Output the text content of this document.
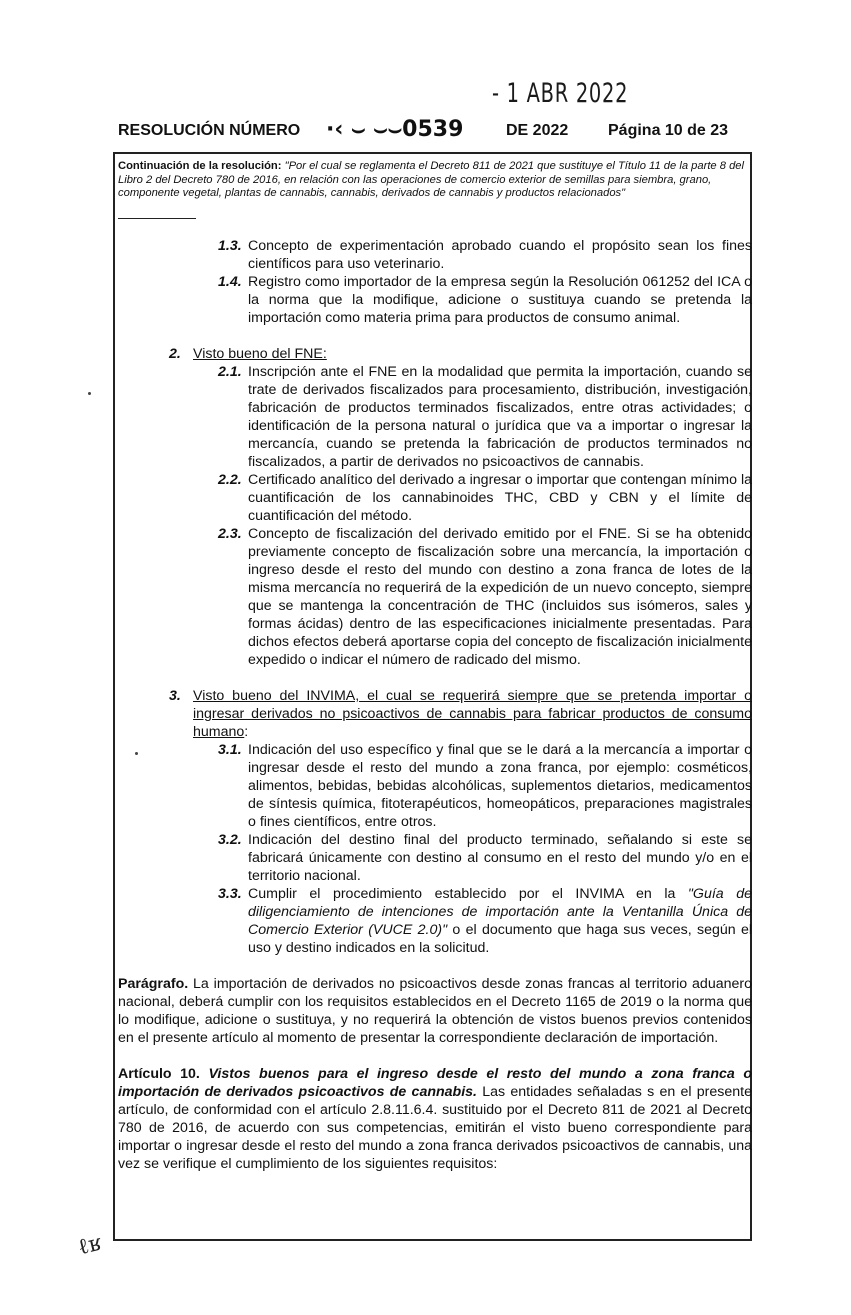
- 1 ABR 2022
RESOLUCIÓN NÚMERO ·‹ ⌣ ⌣⌣0539	DE 2022 Página 10 de 23
Continuación de la resolución: "Por el cual se reglamenta el Decreto 811 de 2021 que sustituye el Título 11 de la parte 8 del Libro 2 del Decreto 780 de 2016, en relación con las operaciones de comercio exterior de semillas para siembra, grano, componente vegetal, plantas de cannabis, cannabis, derivados de cannabis y productos relacionados"
1.3. Concepto de experimentación aprobado cuando el propósito sean los fines científicos para uso veterinario.
1.4. Registro como importador de la empresa según la Resolución 061252 del ICA o la norma que la modifique, adicione o sustituya cuando se pretenda la importación como materia prima para productos de consumo animal.
2. Visto bueno del FNE:
2.1. Inscripción ante el FNE en la modalidad que permita la importación, cuando se trate de derivados fiscalizados para procesamiento, distribución, investigación, fabricación de productos terminados fiscalizados, entre otras actividades; o identificación de la persona natural o jurídica que va a importar o ingresar la mercancía, cuando se pretenda la fabricación de productos terminados no fiscalizados, a partir de derivados no psicoactivos de cannabis.
2.2. Certificado analítico del derivado a ingresar o importar que contengan mínimo la cuantificación de los cannabinoides THC, CBD y CBN y el límite de cuantificación del método.
2.3. Concepto de fiscalización del derivado emitido por el FNE. Si se ha obtenido previamente concepto de fiscalización sobre una mercancía, la importación o ingreso desde el resto del mundo con destino a zona franca de lotes de la misma mercancía no requerirá de la expedición de un nuevo concepto, siempre que se mantenga la concentración de THC (incluidos sus isómeros, sales y formas ácidas) dentro de las especificaciones inicialmente presentadas. Para dichos efectos deberá aportarse copia del concepto de fiscalización inicialmente expedido o indicar el número de radicado del mismo.
3. Visto bueno del INVIMA, el cual se requerirá siempre que se pretenda importar o ingresar derivados no psicoactivos de cannabis para fabricar productos de consumo humano:
3.1. Indicación del uso específico y final que se le dará a la mercancía a importar o ingresar desde el resto del mundo a zona franca, por ejemplo: cosméticos, alimentos, bebidas, bebidas alcohólicas, suplementos dietarios, medicamentos de síntesis química, fitoterapéuticos, homeopáticos, preparaciones magistrales o fines científicos, entre otros.
3.2. Indicación del destino final del producto terminado, señalando si este se fabricará únicamente con destino al consumo en el resto del mundo y/o en el territorio nacional.
3.3. Cumplir el procedimiento establecido por el INVIMA en la "Guía de diligenciamiento de intenciones de importación ante la Ventanilla Única de Comercio Exterior (VUCE 2.0)" o el documento que haga sus veces, según el uso y destino indicados en la solicitud.
Parágrafo. La importación de derivados no psicoactivos desde zonas francas al territorio aduanero nacional, deberá cumplir con los requisitos establecidos en el Decreto 1165 de 2019 o la norma que lo modifique, adicione o sustituya, y no requerirá la obtención de vistos buenos previos contenidos en el presente artículo al momento de presentar la correspondiente declaración de importación.
Artículo 10. Vistos buenos para el ingreso desde el resto del mundo a zona franca o importación de derivados psicoactivos de cannabis. Las entidades señaladas s en el presente artículo, de conformidad con el artículo 2.8.11.6.4. sustituido por el Decreto 811 de 2021 al Decreto 780 de 2016, de acuerdo con sus competencias, emitirán el visto bueno correspondiente para importar o ingresar desde el resto del mundo a zona franca derivados psicoactivos de cannabis, una vez se verifique el cumplimiento de los siguientes requisitos:
ℓʁ
